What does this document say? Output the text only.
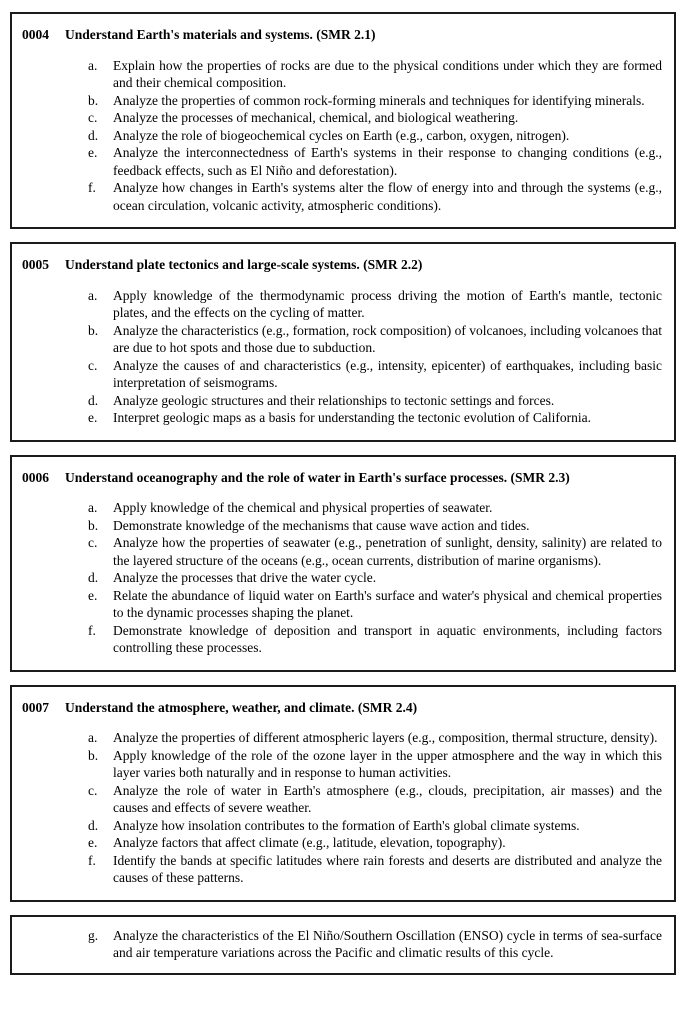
0004	Understand Earth's materials and systems. (SMR 2.1)
a.	Explain how the properties of rocks are due to the physical conditions under which they are formed and their chemical composition.
b. Analyze the properties of common rock-forming minerals and techniques for identifying minerals.
c.	Analyze the processes of mechanical, chemical, and biological weathering.
d. Analyze the role of biogeochemical cycles on Earth (e.g., carbon, oxygen, nitrogen).
e.	Analyze the interconnectedness of Earth's systems in their response to changing conditions (e.g., feedback effects, such as El Niño and deforestation).
f.	Analyze how changes in Earth's systems alter the flow of energy into and through the systems (e.g., ocean circulation, volcanic activity, atmospheric conditions).
0005	Understand plate tectonics and large-scale systems. (SMR 2.2)
a.	Apply knowledge of the thermodynamic process driving the motion of Earth's mantle, tectonic plates, and the effects on the cycling of matter.
b. Analyze the characteristics (e.g., formation, rock composition) of volcanoes, including volcanoes that are due to hot spots and those due to subduction.
c.	Analyze the causes of and characteristics (e.g., intensity, epicenter) of earthquakes, including basic interpretation of seismograms.
d. Analyze geologic structures and their relationships to tectonic settings and forces.
e.	Interpret geologic maps as a basis for understanding the tectonic evolution of California.
0006	Understand oceanography and the role of water in Earth's surface processes. (SMR 2.3)
a.	Apply knowledge of the chemical and physical properties of seawater.
b. Demonstrate knowledge of the mechanisms that cause wave action and tides.
c.	Analyze how the properties of seawater (e.g., penetration of sunlight, density, salinity) are related to the layered structure of the oceans (e.g., ocean currents, distribution of marine organisms).
d. Analyze the processes that drive the water cycle.
e.	Relate the abundance of liquid water on Earth's surface and water's physical and chemical properties to the dynamic processes shaping the planet.
f.	Demonstrate knowledge of deposition and transport in aquatic environments, including factors controlling these processes.
0007	Understand the atmosphere, weather, and climate. (SMR 2.4)
a.	Analyze the properties of different atmospheric layers (e.g., composition, thermal structure, density).
b. Apply knowledge of the role of the ozone layer in the upper atmosphere and the way in which this layer varies both naturally and in response to human activities.
c.	Analyze the role of water in Earth's atmosphere (e.g., clouds, precipitation, air masses) and the causes and effects of severe weather.
d. Analyze how insolation contributes to the formation of Earth's global climate systems.
e.	Analyze factors that affect climate (e.g., latitude, elevation, topography).
f.	Identify the bands at specific latitudes where rain forests and deserts are distributed and analyze the causes of these patterns.
g. Analyze the characteristics of the El Niño/Southern Oscillation (ENSO) cycle in terms of sea-surface and air temperature variations across the Pacific and climatic results of this cycle.
